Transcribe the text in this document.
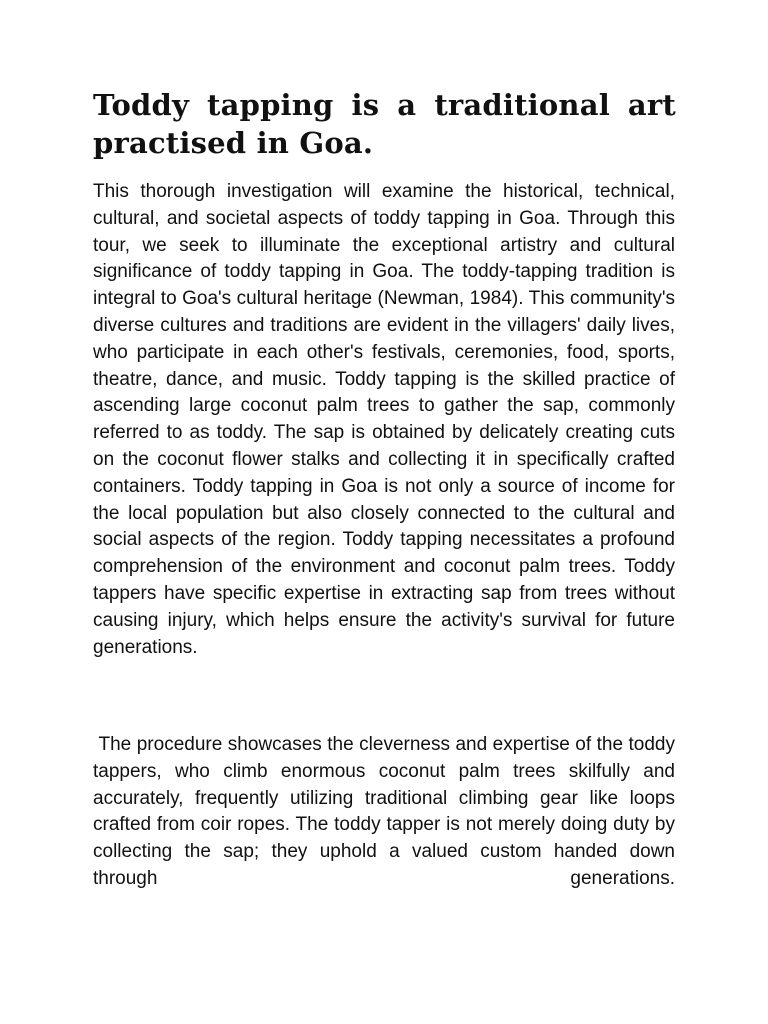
Toddy tapping is a traditional art practised in Goa.

This thorough investigation will examine the historical, technical, cultural, and societal aspects of toddy tapping in Goa. Through this tour, we seek to illuminate the exceptional artistry and cultural significance of toddy tapping in Goa. The toddy-tapping tradition is integral to Goa's cultural heritage (Newman, 1984). This community's diverse cultures and traditions are evident in the villagers' daily lives, who participate in each other's festivals, ceremonies, food, sports, theatre, dance, and music. Toddy tapping is the skilled practice of ascending large coconut palm trees to gather the sap, commonly referred to as toddy. The sap is obtained by delicately creating cuts on the coconut flower stalks and collecting it in specifically crafted containers. Toddy tapping in Goa is not only a source of income for the local population but also closely connected to the cultural and social aspects of the region. Toddy tapping necessitates a profound comprehension of the environment and coconut palm trees. Toddy tappers have specific expertise in extracting sap from trees without causing injury, which helps ensure the activity's survival for future generations.

The procedure showcases the cleverness and expertise of the toddy tappers, who climb enormous coconut palm trees skilfully and accurately, frequently utilizing traditional climbing gear like loops crafted from coir ropes. The toddy tapper is not merely doing duty by collecting the sap; they uphold a valued custom handed down through generations.
